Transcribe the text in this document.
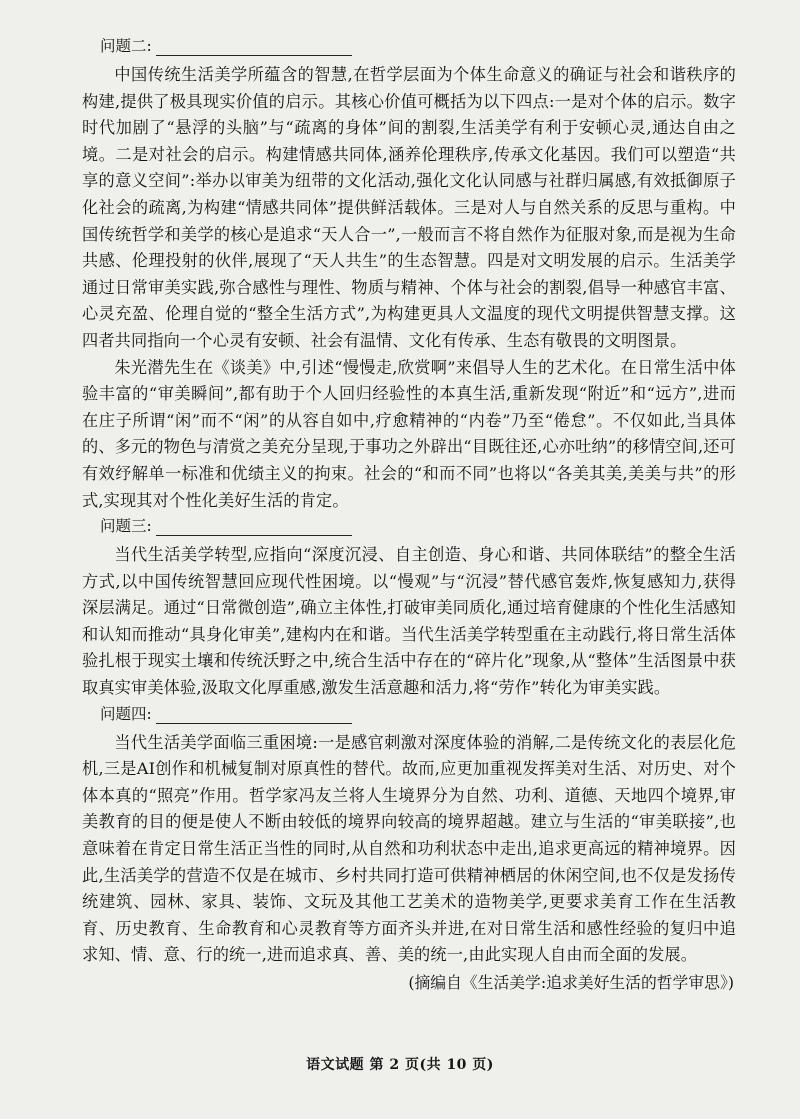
问题二:

中国传统生活美学所蕴含的智慧,在哲学层面为个体生命意义的确证与社会和谐秩序的构建,提供了极具现实价值的启示。其核心价值可概括为以下四点:一是对个体的启示。数字时代加剧了“悬浮的头脑”与“疏离的身体”间的割裂,生活美学有利于安顿心灵,通达自由之境。二是对社会的启示。构建情感共同体,涵养伦理秩序,传承文化基因。我们可以塑造“共享的意义空间”:举办以审美为纽带的文化活动,强化文化认同感与社群归属感,有效抵御原子化社会的疏离,为构建“情感共同体”提供鲜活载体。三是对人与自然关系的反思与重构。中国传统哲学和美学的核心是追求“天人合一”,一般而言不将自然作为征服对象,而是视为生命共感、伦理投射的伙伴,展现了“天人共生”的生态智慧。四是对文明发展的启示。生活美学通过日常审美实践,弥合感性与理性、物质与精神、个体与社会的割裂,倡导一种感官丰富、心灵充盈、伦理自觉的“整全生活方式”,为构建更具人文温度的现代文明提供智慧支撑。这四者共同指向一个心灵有安顿、社会有温情、文化有传承、生态有敬畏的文明图景。

朱光潜先生在《谈美》中,引述“慢慢走,欣赏啊”来倡导人生的艺术化。在日常生活中体验丰富的“审美瞬间”,都有助于个人回归经验性的本真生活,重新发现“附近”和“远方”,进而在庄子所谓“闲”而不“闲”的从容自如中,疗愈精神的“内卷”乃至“倦怠”。不仅如此,当具体的、多元的物色与清赏之美充分呈现,于事功之外辟出“目既往还,心亦吐纳”的移情空间,还可有效纾解单一标准和优绩主义的拘束。社会的“和而不同”也将以“各美其美,美美与共”的形式,实现其对个性化美好生活的肯定。

问题三:

当代生活美学转型,应指向“深度沉浸、自主创造、身心和谐、共同体联结”的整全生活方式,以中国传统智慧回应现代性困境。以“慢观”与“沉浸”替代感官轰炸,恢复感知力,获得深层满足。通过“日常微创造”,确立主体性,打破审美同质化,通过培育健康的个性化生活感知和认知而推动“具身化审美”,建构内在和谐。当代生活美学转型重在主动践行,将日常生活体验扎根于现实土壤和传统沃野之中,统合生活中存在的“碎片化”现象,从“整体”生活图景中获取真实审美体验,汲取文化厚重感,激发生活意趣和活力,将“劳作”转化为审美实践。

问题四:

当代生活美学面临三重困境:一是感官刺激对深度体验的消解,二是传统文化的表层化危机,三是AI创作和机械复制对原真性的替代。故而,应更加重视发挥美对生活、对历史、对个体本真的“照亮”作用。哲学家冯友兰将人生境界分为自然、功利、道德、天地四个境界,审美教育的目的便是使人不断由较低的境界向较高的境界超越。建立与生活的“审美联接”,也意味着在肯定日常生活正当性的同时,从自然和功利状态中走出,追求更高远的精神境界。因此,生活美学的营造不仅是在城市、乡村共同打造可供精神栖居的休闲空间,也不仅是发扬传统建筑、园林、家具、装饰、文玩及其他工艺美术的造物美学,更要求美育工作在生活教育、历史教育、生命教育和心灵教育等方面齐头并进,在对日常生活和感性经验的复归中追求知、情、意、行的统一,进而追求真、善、美的统一,由此实现人自由而全面的发展。

(摘编自《生活美学:追求美好生活的哲学审思》)

语文试题 第 2 页(共 10 页)
